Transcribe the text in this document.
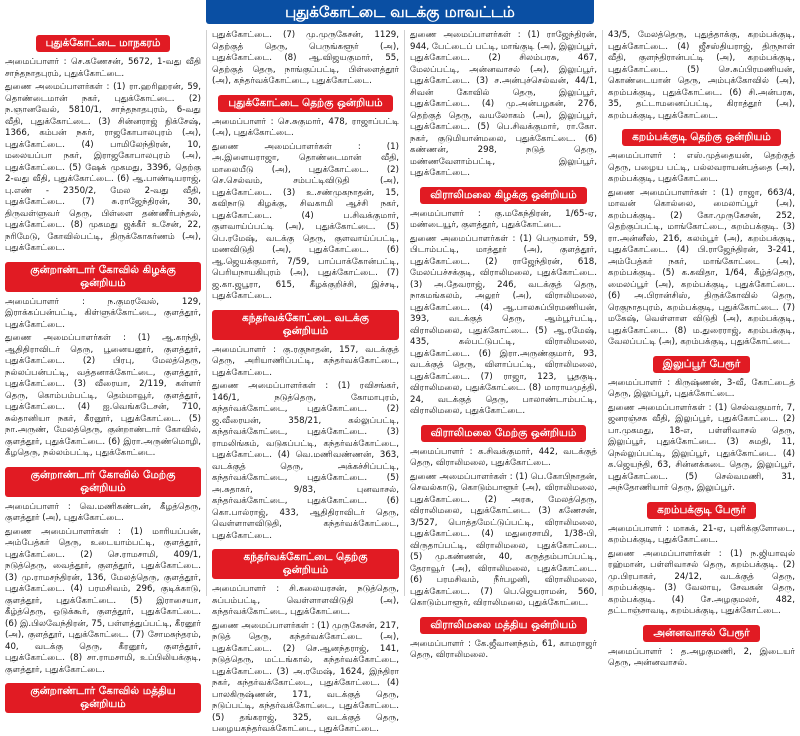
புதுக்கோட்டை வடக்கு மாவட்டம்
புதுக்கோட்டை மாநகரம்

அமைப்பாளர் : செ.கணேசன், 5672, 1-வது வீதி சாந்தநாதபுரம், புதுக்கோட்டை.

துணை அமைப்பாளர்கள் : (1) ரா.ஹரிஹரன், 59, தொண்டைமான் நகர், புதுக்கோட்டை. (2) ந.ஞானவேல், 5810/1, சாந்தநாதபுரம், 6-வது வீதி, புதுக்கோட்டை. (3) சின்னராஜ் நிக்சேஷ், 1366, கம்பன் நகர், ராஜகோபாலபுரம் (அ), புதுக்கோட்டை. (4) பாமிலேந்திரன், 10, மலையப்பா நகர், இராஜகோபாலபுரம் (அ), புதுக்கோட்டை. (5) ஷேக் முகமது, 3396, தெற்கு 2-வது வீதி, புதுக்கோட்டை. (6) ஆ.பாண்டியராஜ், பு.எண் - 2350/2, மேல 2-வது வீதி, புதுக்கோட்டை. (7) சு.ராஜேந்திரன், 30, திருவள்ளுவர் தெரு, பிள்ளை தண்ணீர்பந்தல், புதுக்கோட்டை. (8) முகமது ஜக்கீர் உசேன், 22, நரிமேடு, கோவில்பட்டி, திருக்கோகர்ணம் (அ), புதுக்கோட்டை.

குன்றாண்டார் கோவில் கிழக்கு ஒன்றியம்

அமைப்பாளர் : ந.குமரவேல், 129, இராக்கப்பன்பட்டி, கிள்ளுக்கோட்டை, குளத்தூர், புதுக்கோட்டை.

துணை அமைப்பாளர்கள் : (1) ஆ.காந்தி, ஆதிதிராவிடர் தெரு, பூனையனூர், குளத்தூர், புதுக்கோட்டை. (2) பிரபு, மேலத்தெரு, நல்லப்பன்பட்டி, வத்தனாக்கோட்டை, குளத்தூர், புதுக்கோட்டை. (3) வீரையா, 2/119, கள்ளர் தெரு, கொம்பம்பட்டி, தெம்மாவூர், குளத்தூர், புதுக்கோட்டை. (4) ஐ.வெங்கடேசன், 710, சுல்தானியா நகர், கீரனூர், புதுக்கோட்டை. (5) நா.அருண், மேலத்தெரு, குன்றாண்டார் கோவில், குளத்தூர், புதுக்கோட்டை. (6) இரா.அருண்மொழி, கீழதெரு, நல்லம்பட்டி, புதுக்கோட்டை.

குன்றாண்டார் கோவில் மேற்கு ஒன்றியம்

அமைப்பாளர் : வெ.மணிகண்டன், கீழத்தெரு, குளத்தூர் (அ), புதுக்கோட்டை.

துணை அமைப்பாளர்கள் : (1) மாரியப்பன், அம்பேத்கர் தெரு, உடையாம்பட்டி, குளத்தூர், புதுக்கோட்டை. (2) செ.ராமசாமி, 409/1, நடுத்தெரு, வைத்தூர், குளத்தூர், புதுக்கோட்டை. (3) மு.ராமசந்திரன், 136, மேலத்தெரு, குளத்தூர், புதுக்கோட்டை. (4) பரமசிவம், 296, குடிக்காடு, குளத்தூர், புதுக்கோட்டை. (5) இராசையா, கீழ்த்தெரு, ஒடுக்கூர், குளத்தூர், புதுக்கோட்டை. (6) இ.பிலவேந்திரன், 75, பள்ளத்துப்பட்டி, கீரனூர் (அ), குளத்தூர், புதுக்கோட்டை. (7) சோமசுந்தரம், 40, வடக்கு தெரு, கீரனூர், குளத்தூர், புதுக்கோட்டை. (8) சா.ராமசாமி, உப்பிலியக்குடி, குளத்தூர், புதுக்கோட்டை.

குன்றாண்டார் கோவில் மத்திய ஒன்றியம்

புதுக்கோட்டை. (7) மு.முருகேசன், 1129, தெற்குத் தெரு, பெருங்களூர் (அ), புதுக்கோட்டை. (8) ஆ.விஜயகுமார், 55, தெற்குத் தெரு, நாங்குப்பட்டி, பிள்ளைத்தூர் (அ), கந்தர்வக்கோட்டை, புதுக்கோட்டை.

புதுக்கோட்டை தெற்கு ஒன்றியம்

அமைப்பாளர் : செ.சுகுமார், 478, ராஜாப்பட்டி (அ), புதுக்கோட்டை.

துணை அமைப்பாளர்கள் : (1) அ.இளையராஜா, தொண்டைமான் வீதி, மாலையீடு (அ), புதுக்கோட்டை. (2) செ.செல்வம், சம்பட்டிவிடுதி (அ), புதுக்கோட்டை. (3) உ.சண்முகநாதன், 15, கவிநாடு கிழக்கு, சிவகாமி ஆச்சி நகர், புதுக்கோட்டை. (4) ப.சிவக்குமார், குளவாய்ப்பட்டி (அ), புதுக்கோட்டை. (5) பெ.ரமேஷ், வடக்கு தெரு, குளவாய்ப்பட்டி, மணவிடுதி (அ), புதுக்கோட்டை. (6) ஆ.ஜெயக்குமார், 7/59, பாப்பாக்கோன்பட்டி, பெரியநாயகிபுரம் (அ), புதுக்கோட்டை. (7) ஜ.கா.ஜபூரா, 615, கீழக்குறிச்சி, இச்சடி, புதுக்கோட்டை.

கந்தர்வக்கோட்டை வடக்கு ஒன்றியம்

அமைப்பாளர் : கு.ரகுநாதன், 157, வடக்குத் தெரு, அரியாணிப்பட்டி, கந்தர்வக்கோட்டை, புதுக்கோட்டை.

துணை அமைப்பாளர்கள் : (1) ரவிசங்கர், 146/1, நடுத்தெரு, கோமாபுரம், கந்தர்வக்கோட்டை, புதுக்கோட்டை. (2) ஜ.வீரையன், 358/21, கல்லுப்பட்டி, கந்தர்வக்கோட்டை, புதுக்கோட்டை. (3) ராமலிங்கம், வடுகப்பட்டி, கந்தர்வக்கோட்டை, புதுக்கோட்டை. (4) வெ.மணிவண்ணன், 363, வடக்குத் தெரு, அக்கச்சிப்பட்டி, கந்தர்வக்கோட்டை, புதுக்கோட்டை. (5) அ.சுதாகர், 9/83, புனவாசல், கந்தர்வக்கோட்டை, புதுக்கோட்டை. (6) கொ.பால்ராஜ், 433, ஆதிதிராவிடர் தெரு, வெள்ளாளவிடுதி, கந்தர்வக்கோட்டை, புதுக்கோட்டை.

கந்தர்வக்கோட்டை தெற்கு ஒன்றியம்

அமைப்பாளர் : சி.கலையரசன், நடுத்தெரு, சுப்பம்பட்டி, வெள்ளாளவிடுதி (அ), கந்தர்வக்கோட்டை, புதுக்கோட்டை.

துணை அமைப்பாளர்கள் : (1) முருகேசன், 217, நடுத் தெரு, கந்தர்வக்கோட்டை (அ), புதுக்கோட்டை. (2) செ.ஆனந்தராஜ், 141, நடுத்தெரு, மட்டங்கால், கந்தர்வக்கோட்டை, புதுக்கோட்டை. (3) அ.ரமேஷ், 1624, இந்திரா நகர், கந்தர்வக்கோட்டை, புதுக்கோட்டை. (4) பாலகிருஷ்ணன், 171, வடக்குத் தெரு, நடுப்பட்டி, கந்தர்வக்கோட்டை, புதுக்கோட்டை. (5) தங்கராஜ், 325, வடக்குத் தெரு, பழையகந்தர்வக்கோட்டை, புதுக்கோட்டை.

துணை அமைப்பாளர்கள் : (1) ராஜேந்திரன், 944, பேட்டைப் பட்டி, மாங்குடி (அ), இலுப்பூர், புதுக்கோட்டை. (2) சிலம்பரசு, 467, மேலப்பட்டி, அன்னவாசல் (அ), இலுப்பூர், புதுக்கோட்டை. (3) ச.அன்புச்செல்வன், 44/1, சிவன் கோவில் தெரு, இலுப்பூர், புதுக்கோட்டை. (4) மு.அன்பழகன், 276, தெற்குத் தெரு, வயலோகம் (அ), இலுப்பூர், புதுக்கோட்டை. (5) பெ.சிவக்குமார், ரா.கோ. நகர், குடுமியான்மலை, புதுக்கோட்டை. (6) கண்ணன், 298, நடுத் தெரு, மண்ணவேளாம்பட்டி, இலுப்பூர், புதுக்கோட்டை.

விராலிமலை கிழக்கு ஒன்றியம்

அமைப்பாளர் : கு.மகேந்திரன், 1/65-ஏ, மண்டையூர், குளத்தூர், புதுக்கோட்டை.

துணை அமைப்பாளர்கள் : (1) பெருமாள், 59, பிடாம்பட்டி, மாத்தூர் (அ), குளத்தூர், புதுக்கோட்டை. (2) ராஜேந்திரன், 618, மேலப்பச்சக்குடி, விராலிமலை, புதுக்கோட்டை. (3) அ.தேவராஜ், 246, வடக்குத் தெரு, நாகமங்கலம், அலூர் (அ), விராலிமலை, புதுக்கோட்டை. (4) ஆ.பாலசுப்பிரமணியன், 393, வடக்குத் தெரு, ஆம்பூர்பட்டி, விராலிமலை, புதுக்கோட்டை. (5) ஆ.ரமேஷ், 435, கல்பட்டுபட்டி, விராலிமலை, புதுக்கோட்டை. (6) இரா.அருண்குமார், 93, வடக்குத் தெரு, விளாப்பட்டி, விராலிமலை, புதுக்கோட்டை. (7) ராஜா, 123, பூதகுடி, விராலிமலை, புதுக்கோட்டை. (8) மாராயமுத்தி, 24, வடக்குத் தெரு, பாலாண்டாம்பட்டி, விராலிமலை, புதுக்கோட்டை.

விராலிமலை மேற்கு ஒன்றியம்

அமைப்பாளர் : க.சிவக்குமார், 442, வடக்குத் தெரு, விராலிமலை, புதுக்கோட்டை.

துணை அமைப்பாளர்கள் : (1) பெ.கோபிநாதன், செவல்காடு, கொடும்பாளூர் (அ), விராலிமலை, புதுக்கோட்டை. (2) அரசு, மேலத்தெரு, விராலிமலை, புதுக்கோட்டை. (3) கணேசன், 3/527, பொத்தமேட்டுப்பட்டி, விராலிமலை, புதுக்கோட்டை. (4) மதுரைசாமி, 1/38-பி, விருதாப்பட்டி, விராலிமலை, புதுக்கோட்டை. (5) மு.கண்ணன், 40, கருத்தம்பாப்பட்டி, தேராவூர் (அ), விராலிமலை, புதுக்கோட்டை. (6) பரமசிவம், நீர்பழனி, விராலிமலை, புதுக்கோட்டை. (7) பெ.ஜெயராமன், 560, கொடும்பாளூர், விராலிமலை, புதுக்கோட்டை.

விராலிமலை மத்திய ஒன்றியம்

அமைப்பாளர் : கே.ஜீவானந்தம், 61, காமராஜர் தெரு, விராலிமலை.

43/5, மேலத்தெரு, புதுத்தாக்கு, கறம்பக்குடி, புதுக்கோட்டை. (4) ஜீசஸ்தியராஜ், திருநாள் வீதி, குளந்திரான்பட்டி (அ), கறம்பக்குடி, புதுக்கோட்டை. (5) செ.சுப்பிரமணியன், கொண்டையான் தெரு, அம்புக்கோவில் (அ), கறம்பக்குடி, புதுக்கோட்டை. (6) சி.அன்பரசு, 35, தட்டாமனைப்பட்டி, கிராத்தூர் (அ), கறம்பக்குடி, புதுக்கோட்டை.

கறம்பக்குடி தெற்கு ஒன்றியம்

அமைப்பாளர் : எஸ்.முத்தையன், தெற்குத் தெரு, பழைய பட்டி, பல்லவராயன்பத்தை (அ), கறம்பக்குடி, புதுக்கோட்டை.

துணை அமைப்பாளர்கள் : (1) ராஜா, 663/4, மாவன் கொல்லை, மைலாப்பூர் (அ), கறம்பக்குடி. (2) கோ.முருகேசன், 252, தெற்குப்பட்டி, மாங்கோட்டை, கறம்பக்குடி. (3) ரா.அன்னீஸ், 216, கலம்பூர் (அ), கறம்பக்குடி, புதுக்கோட்டை. (4) பி.ராஜேந்திரன், 3-241, அம்பேத்கர் நகர், மாங்கோட்டை (அ), கறம்பக்குடி. (5) க.கவிதா, 1/64, கீழ்த்தெரு, மைலப்பூர் (அ), கறம்பக்குடி, புதுக்கோட்டை. (6) அ.பிரான்சிஸ், திருக்கோவில் தெரு, ரெகுநாதபுரம், கறம்பக்குடி, புதுக்கோட்டை. (7) மகேஷ், வெள்ளாள விடுதி (அ), கறம்பக்குடி, புதுக்கோட்டை. (8) ம.துரைராஜ், கறம்பக்குடி, வேலப்பட்டி (அ), கறம்பக்குடி, புதுக்கோட்டை.

இலுப்பூர் பேரூர்

அமைப்பாளர் : கிருஷ்ணன், 3-வீ, கோட்டைத் தெரு, இலுப்பூர், புதுக்கோட்டை.

துணை அமைப்பாளர்கள் : (1) செல்வகுமார், 7, ஜனரஞ்சக வீதி, இலுப்பூர், புதுக்கோட்டை. (2) பா.முகமது, 18-எ, பள்ளிவாசல் தெரு, இலுப்பூர், புதுக்கோட்டை. (3) சுமதி, 11, நெல்லுப்பட்டி, இலுப்பூர், புதுக்கோட்டை. (4) க.ஜெயந்தி, 63, சின்னக்கடை தெரு, இலுப்பூர், புதுக்கோட்டை. (5) செல்வமணி, 31, அந்தோணியார் தெரு, இலுப்பூர்.

கறம்பக்குடி பேரூர்

அமைப்பாளர் : மாசுக், 21-ஏ, புளிக்குளோடை, கறம்பக்குடி, புதுக்கோட்டை.

துணை அமைப்பாளர்கள் : (1) ந.ஜியாவுல் ரஹ்மான், பள்ளிவாசல் தெரு, கறம்பக்குடி. (2) மு.பிரபாகர், 24/12, வடக்குத் தெரு, கறம்பக்குடி. (3) வேலாயு, சேவகன் தெரு, கறம்பக்குடி. (4) சே.அழகுமலர், 482, தட்டாஞ்சாவடி, கறம்பக்குடி, புதுக்கோட்டை.

அன்னவாசல் பேரூர்

அமைப்பாளர் : த.அழகுமணி, 2, இடையர் தெரு, அன்னவாசல்.
